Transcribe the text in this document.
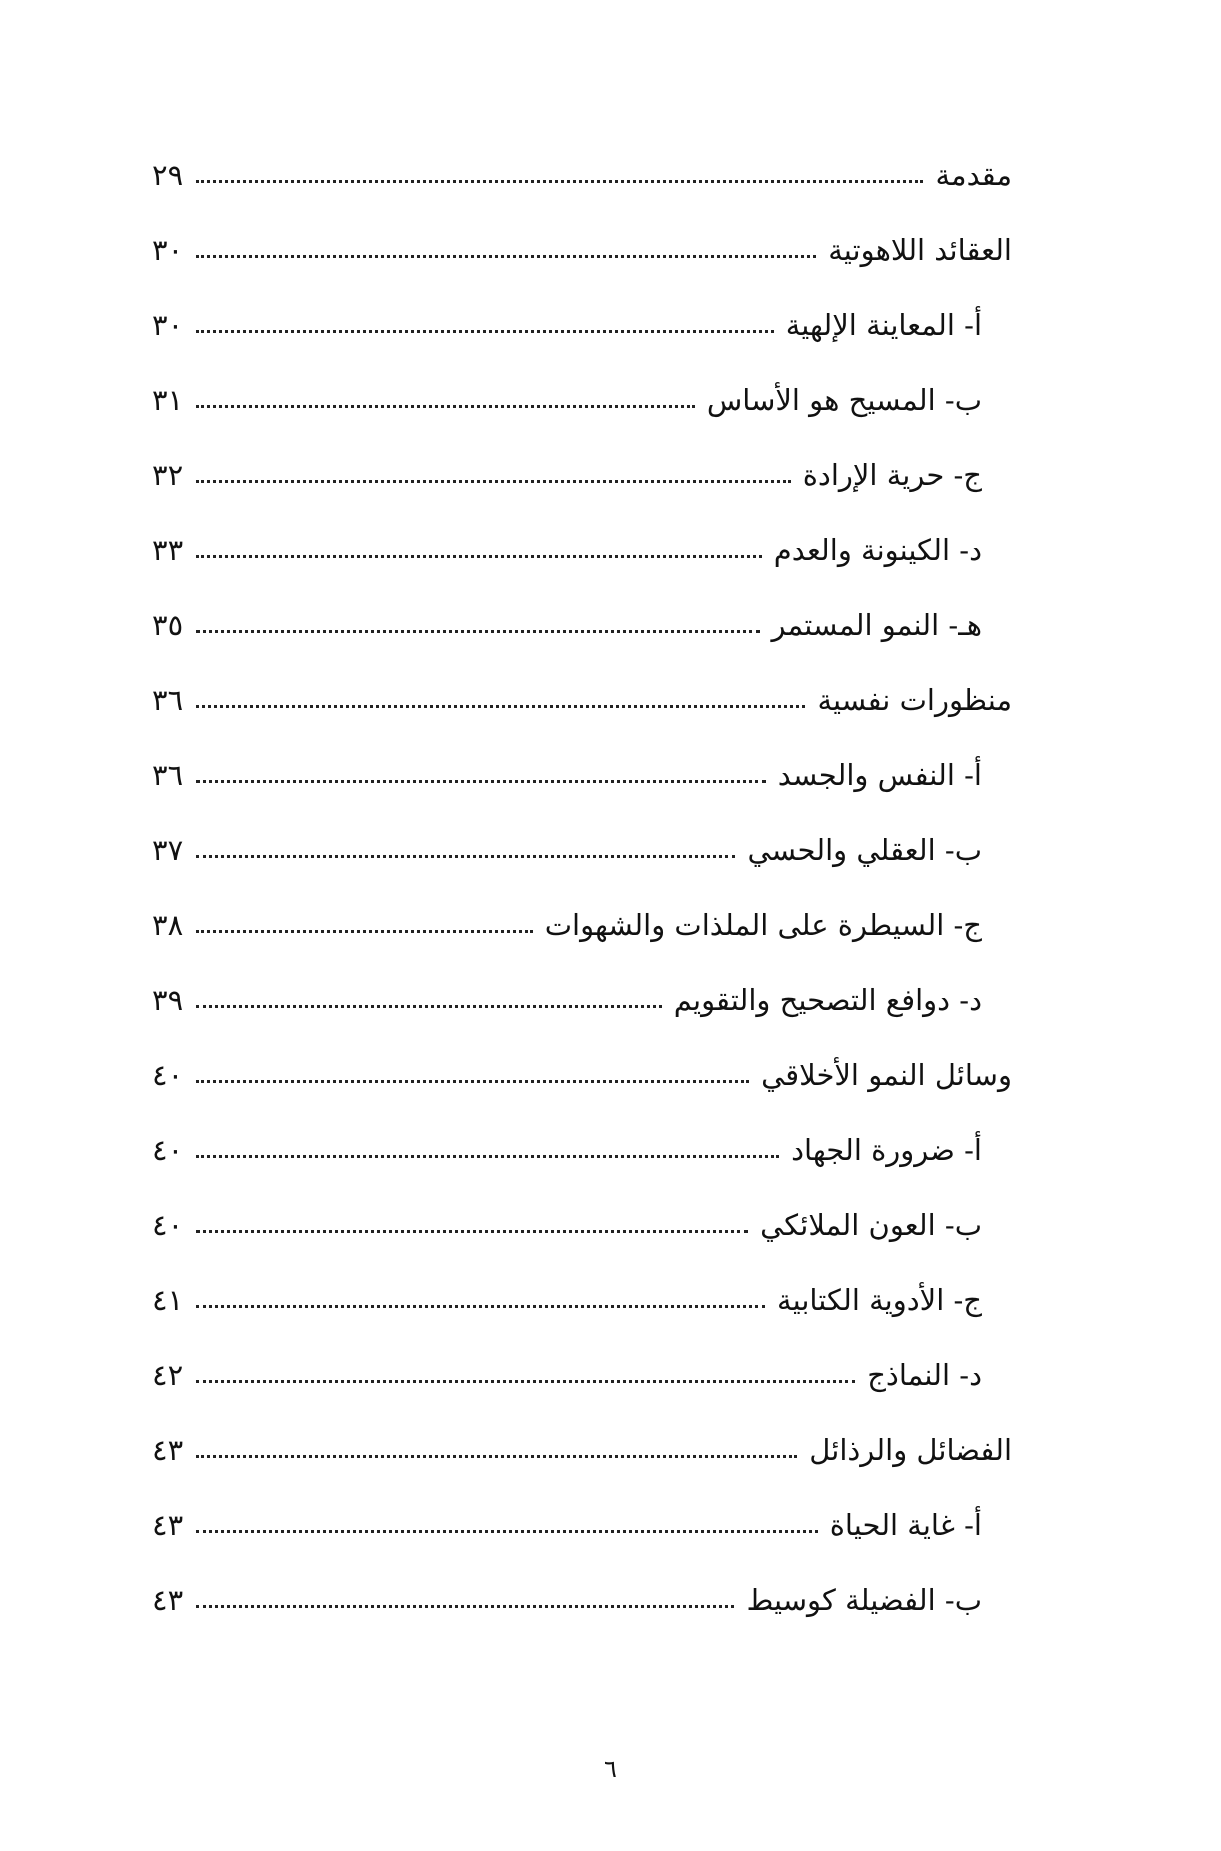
مقدمة
٢٩
العقائد اللاهوتية
٣٠
أ- المعاينة الإلهية
٣٠
ب- المسيح هو الأساس
٣١
ج- حرية الإرادة
٣٢
د- الكينونة والعدم
٣٣
هـ- النمو المستمر
٣٥
منظورات نفسية
٣٦
أ- النفس والجسد
٣٦
ب- العقلي والحسي
٣٧
ج- السيطرة على الملذات والشهوات
٣٨
د- دوافع التصحيح والتقويم
٣٩
وسائل النمو الأخلاقي
٤٠
أ- ضرورة الجهاد
٤٠
ب- العون الملائكي
٤٠
ج- الأدوية الكتابية
٤١
د- النماذج
٤٢
الفضائل والرذائل
٤٣
أ- غاية الحياة
٤٣
ب- الفضيلة كوسيط
٤٣
٦
